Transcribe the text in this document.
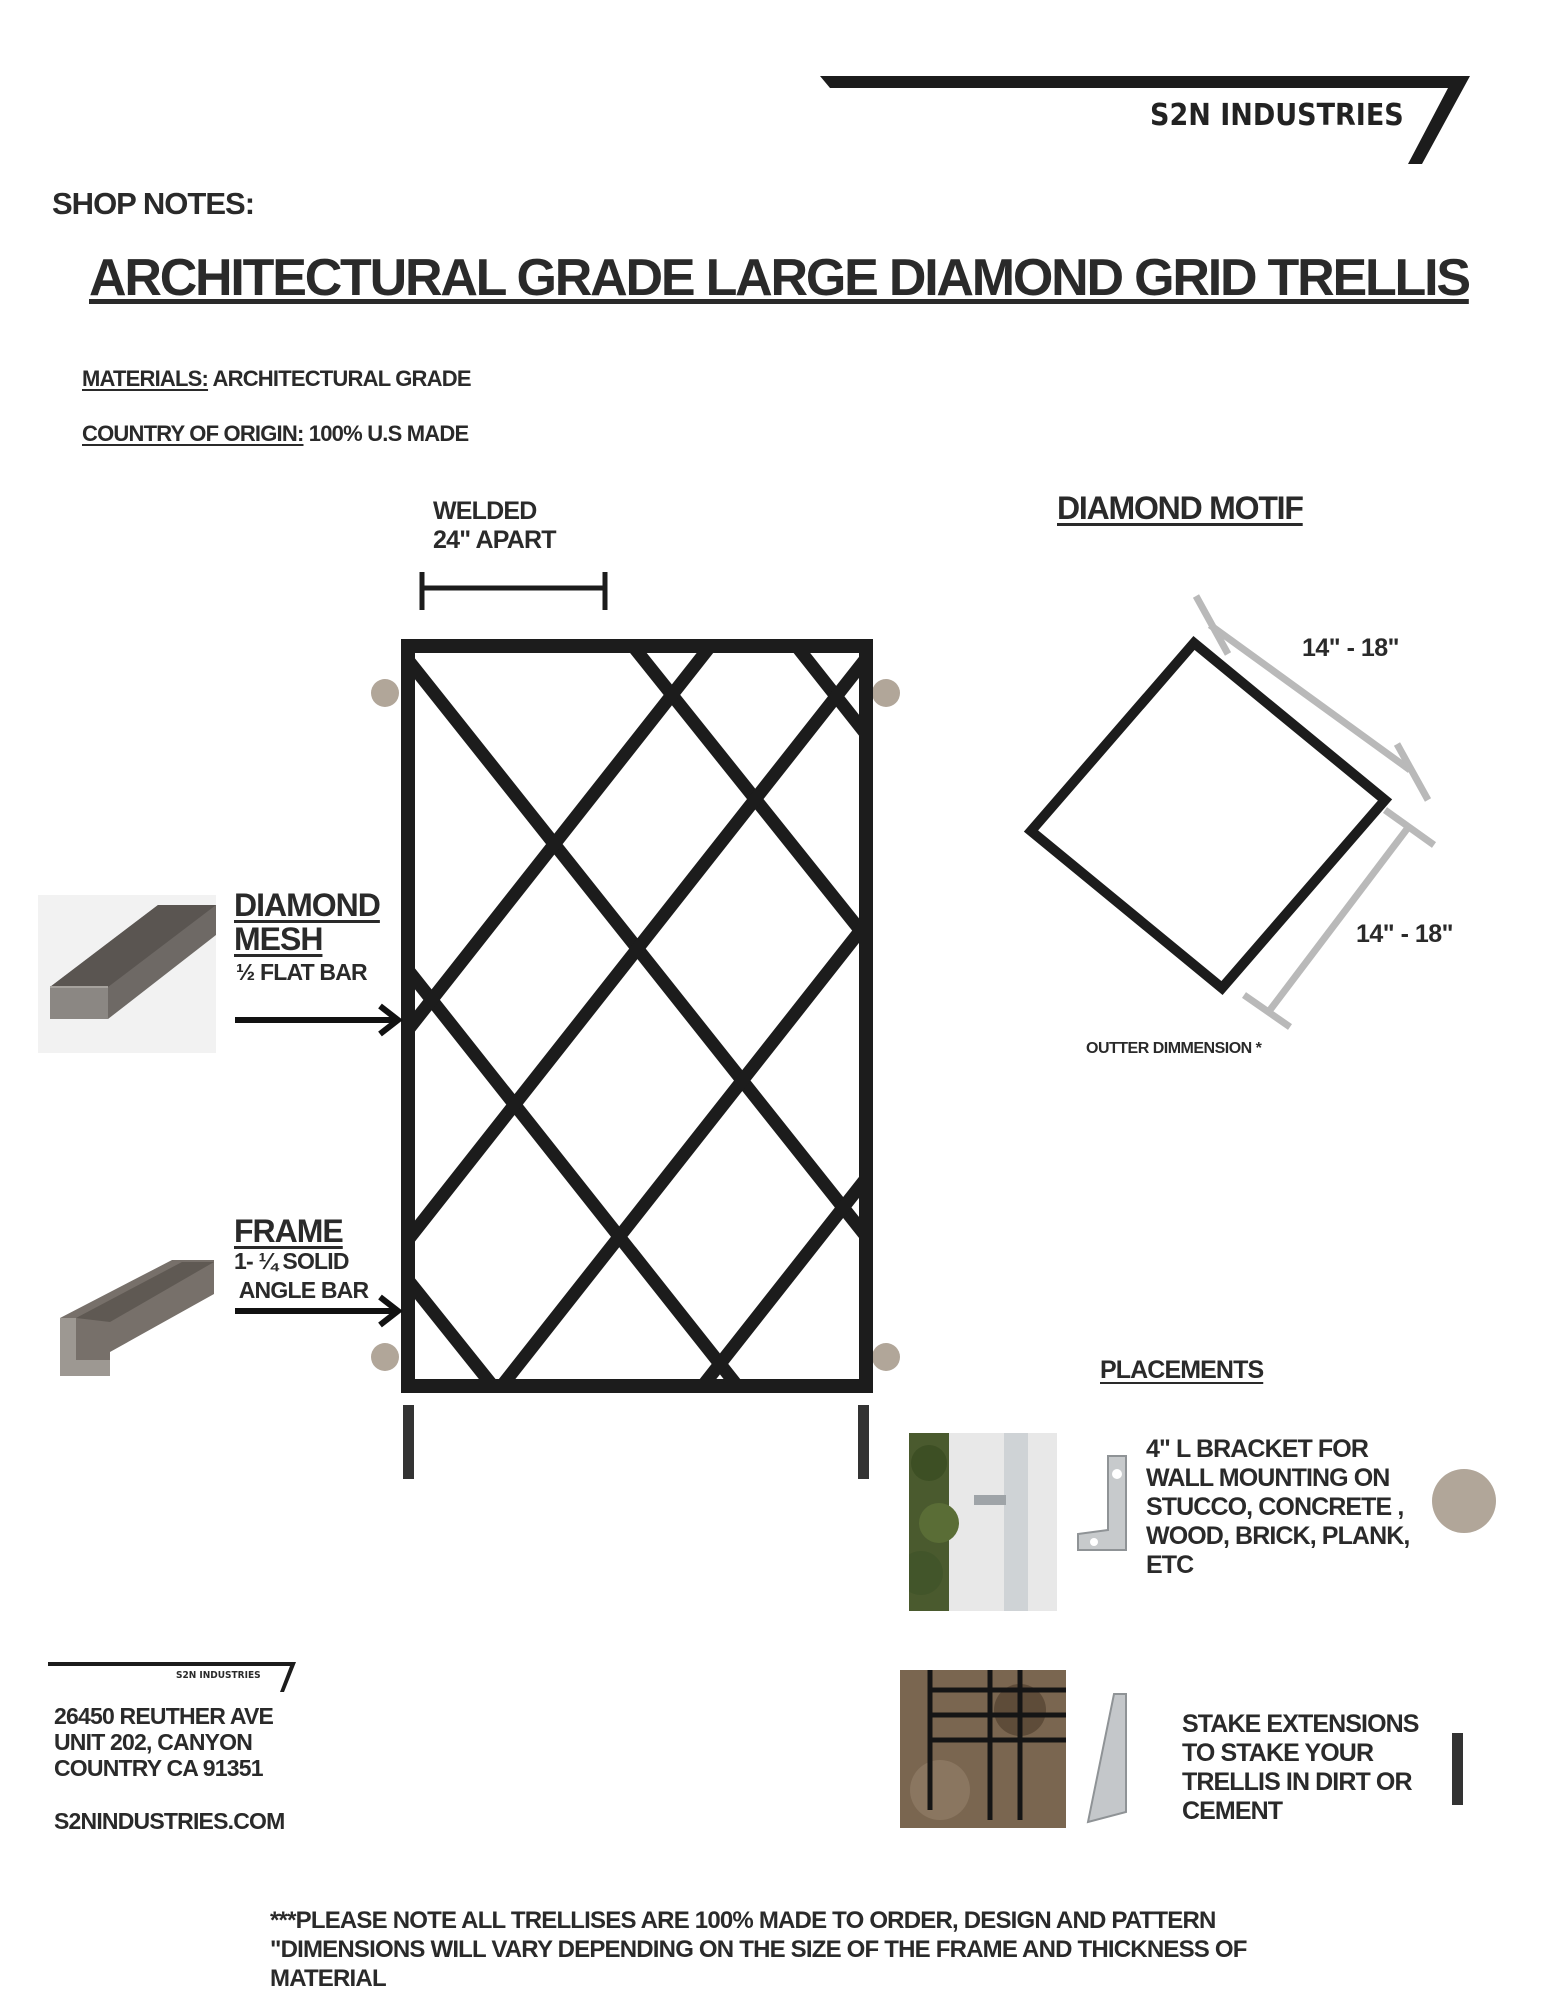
S2N INDUSTRIES
SHOP NOTES:
ARCHITECTURAL GRADE LARGE DIAMOND GRID TRELLIS
MATERIALS: ARCHITECTURAL GRADE
COUNTRY OF ORIGIN: 100% U.S MADE
WELDED
24" APART
DIAMOND
MESH
½ FLAT BAR
FRAME
1- ¼ SOLID
ANGLE BAR
DIAMOND MOTIF
14" - 18"
14" - 18"
OUTTER DIMMENSION *
PLACEMENTS
4" L BRACKET FOR
WALL MOUNTING ON
STUCCO, CONCRETE ,
WOOD, BRICK, PLANK,
ETC
STAKE EXTENSIONS
TO STAKE YOUR
TRELLIS IN DIRT OR
CEMENT
S2N INDUSTRIES
26450 REUTHER AVE
UNIT 202, CANYON
COUNTRY CA 91351
S2NINDUSTRIES.COM
***PLEASE NOTE ALL TRELLISES ARE 100% MADE TO ORDER, DESIGN AND PATTERN
"DIMENSIONS WILL VARY DEPENDING ON THE SIZE OF THE FRAME AND THICKNESS OF
MATERIAL
